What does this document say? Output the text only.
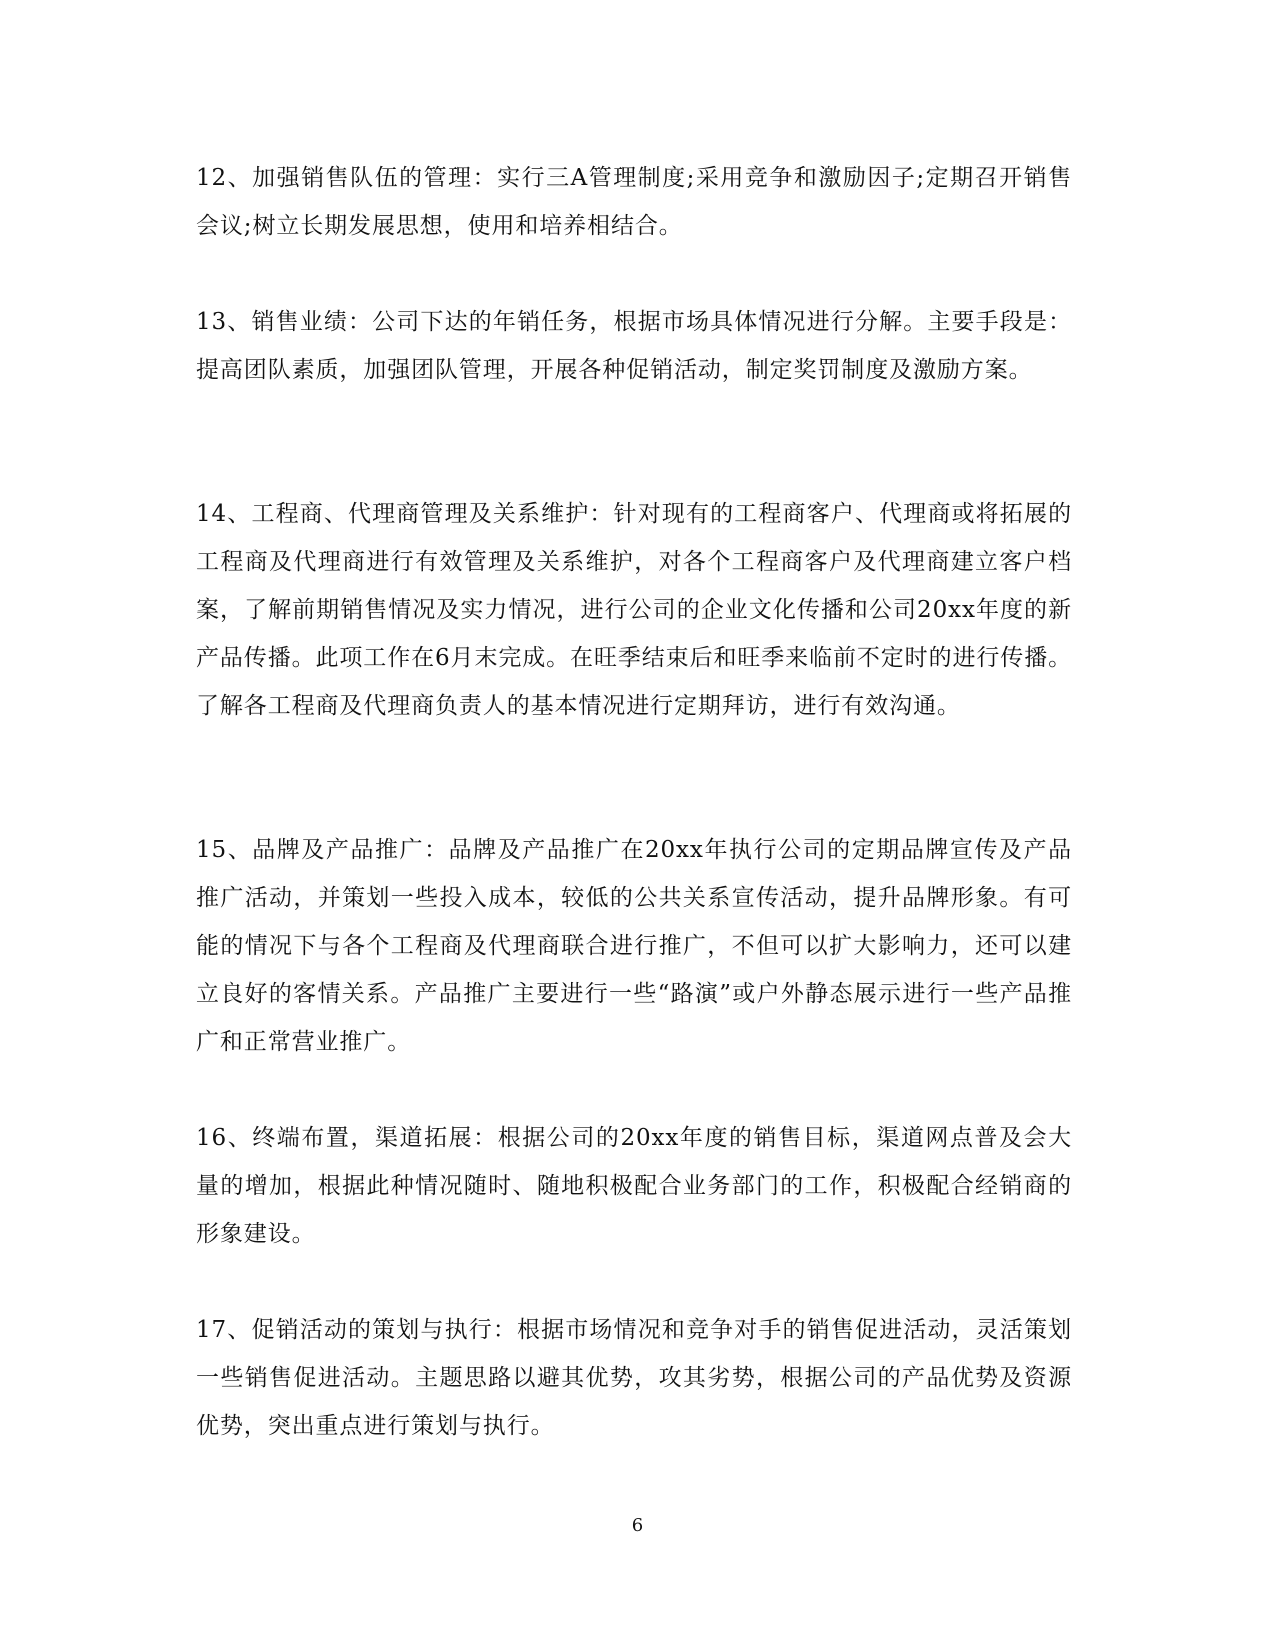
12、加强销售队伍的管理：实行三A管理制度;采用竞争和激励因子;定期召开销售会议;树立长期发展思想，使用和培养相结合。

13、销售业绩：公司下达的年销任务，根据市场具体情况进行分解。主要手段是：提高团队素质，加强团队管理，开展各种促销活动，制定奖罚制度及激励方案。

14、工程商、代理商管理及关系维护：针对现有的工程商客户、代理商或将拓展的工程商及代理商进行有效管理及关系维护，对各个工程商客户及代理商建立客户档案，了解前期销售情况及实力情况，进行公司的企业文化传播和公司20xx年度的新产品传播。此项工作在6月末完成。在旺季结束后和旺季来临前不定时的进行传播。了解各工程商及代理商负责人的基本情况进行定期拜访，进行有效沟通。

15、品牌及产品推广：品牌及产品推广在20xx年执行公司的定期品牌宣传及产品推广活动，并策划一些投入成本，较低的公共关系宣传活动，提升品牌形象。有可能的情况下与各个工程商及代理商联合进行推广，不但可以扩大影响力，还可以建立良好的客情关系。产品推广主要进行一些“路演”或户外静态展示进行一些产品推广和正常营业推广。

16、终端布置，渠道拓展：根据公司的20xx年度的销售目标，渠道网点普及会大量的增加，根据此种情况随时、随地积极配合业务部门的工作，积极配合经销商的形象建设。

17、促销活动的策划与执行：根据市场情况和竞争对手的销售促进活动，灵活策划一些销售促进活动。主题思路以避其优势，攻其劣势，根据公司的产品优势及资源优势，突出重点进行策划与执行。

6
